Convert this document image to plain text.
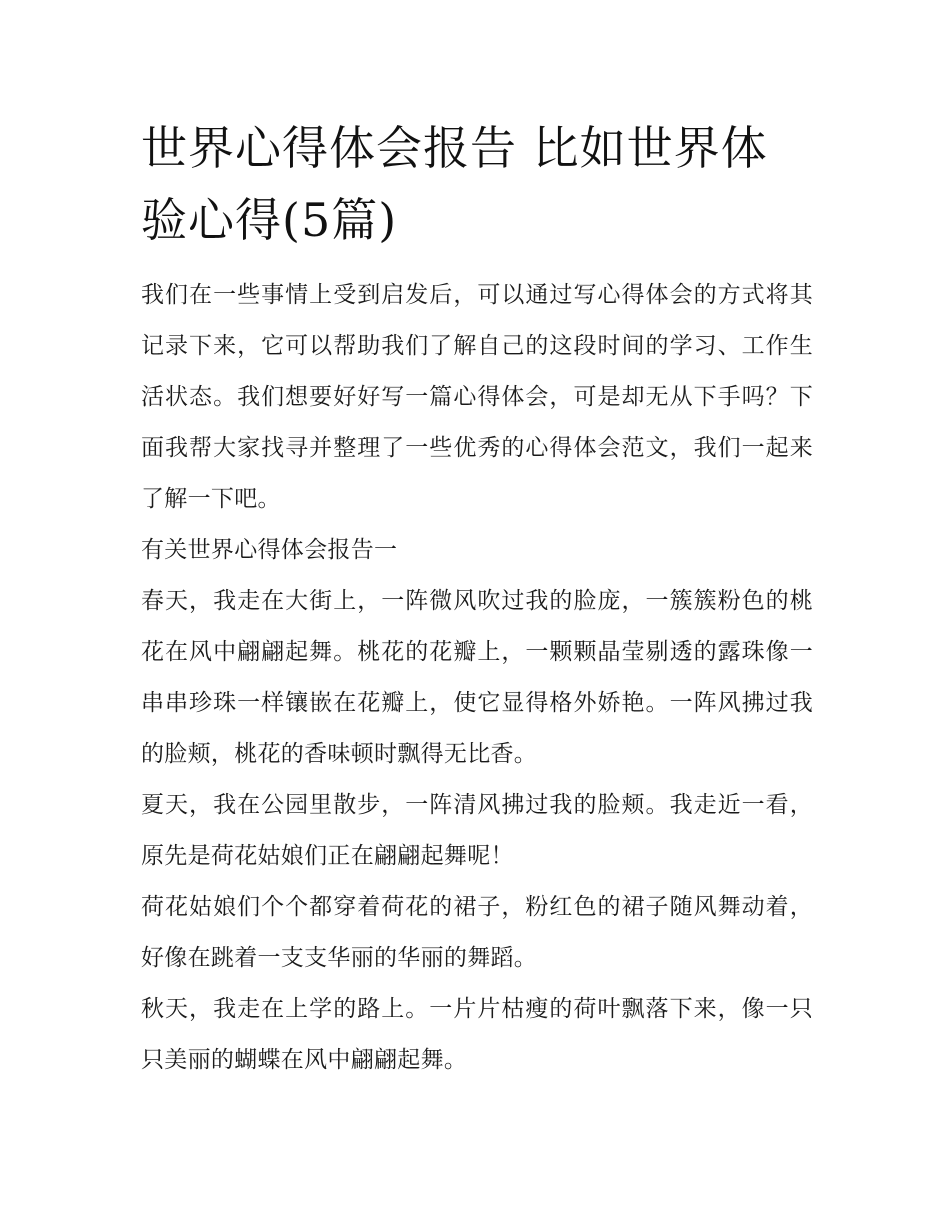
世界心得体会报告 比如世界体验心得(5篇)

我们在一些事情上受到启发后，可以通过写心得体会的方式将其记录下来，它可以帮助我们了解自己的这段时间的学习、工作生活状态。我们想要好好写一篇心得体会，可是却无从下手吗？下面我帮大家找寻并整理了一些优秀的心得体会范文，我们一起来了解一下吧。

有关世界心得体会报告一

春天，我走在大街上，一阵微风吹过我的脸庞，一簇簇粉色的桃花在风中翩翩起舞。桃花的花瓣上，一颗颗晶莹剔透的露珠像一串串珍珠一样镶嵌在花瓣上，使它显得格外娇艳。一阵风拂过我的脸颊，桃花的香味顿时飘得无比香。

夏天，我在公园里散步，一阵清风拂过我的脸颊。我走近一看，原先是荷花姑娘们正在翩翩起舞呢！

荷花姑娘们个个都穿着荷花的裙子，粉红色的裙子随风舞动着，好像在跳着一支支华丽的华丽的舞蹈。

秋天，我走在上学的路上。一片片枯瘦的荷叶飘落下来，像一只只美丽的蝴蝶在风中翩翩起舞。
